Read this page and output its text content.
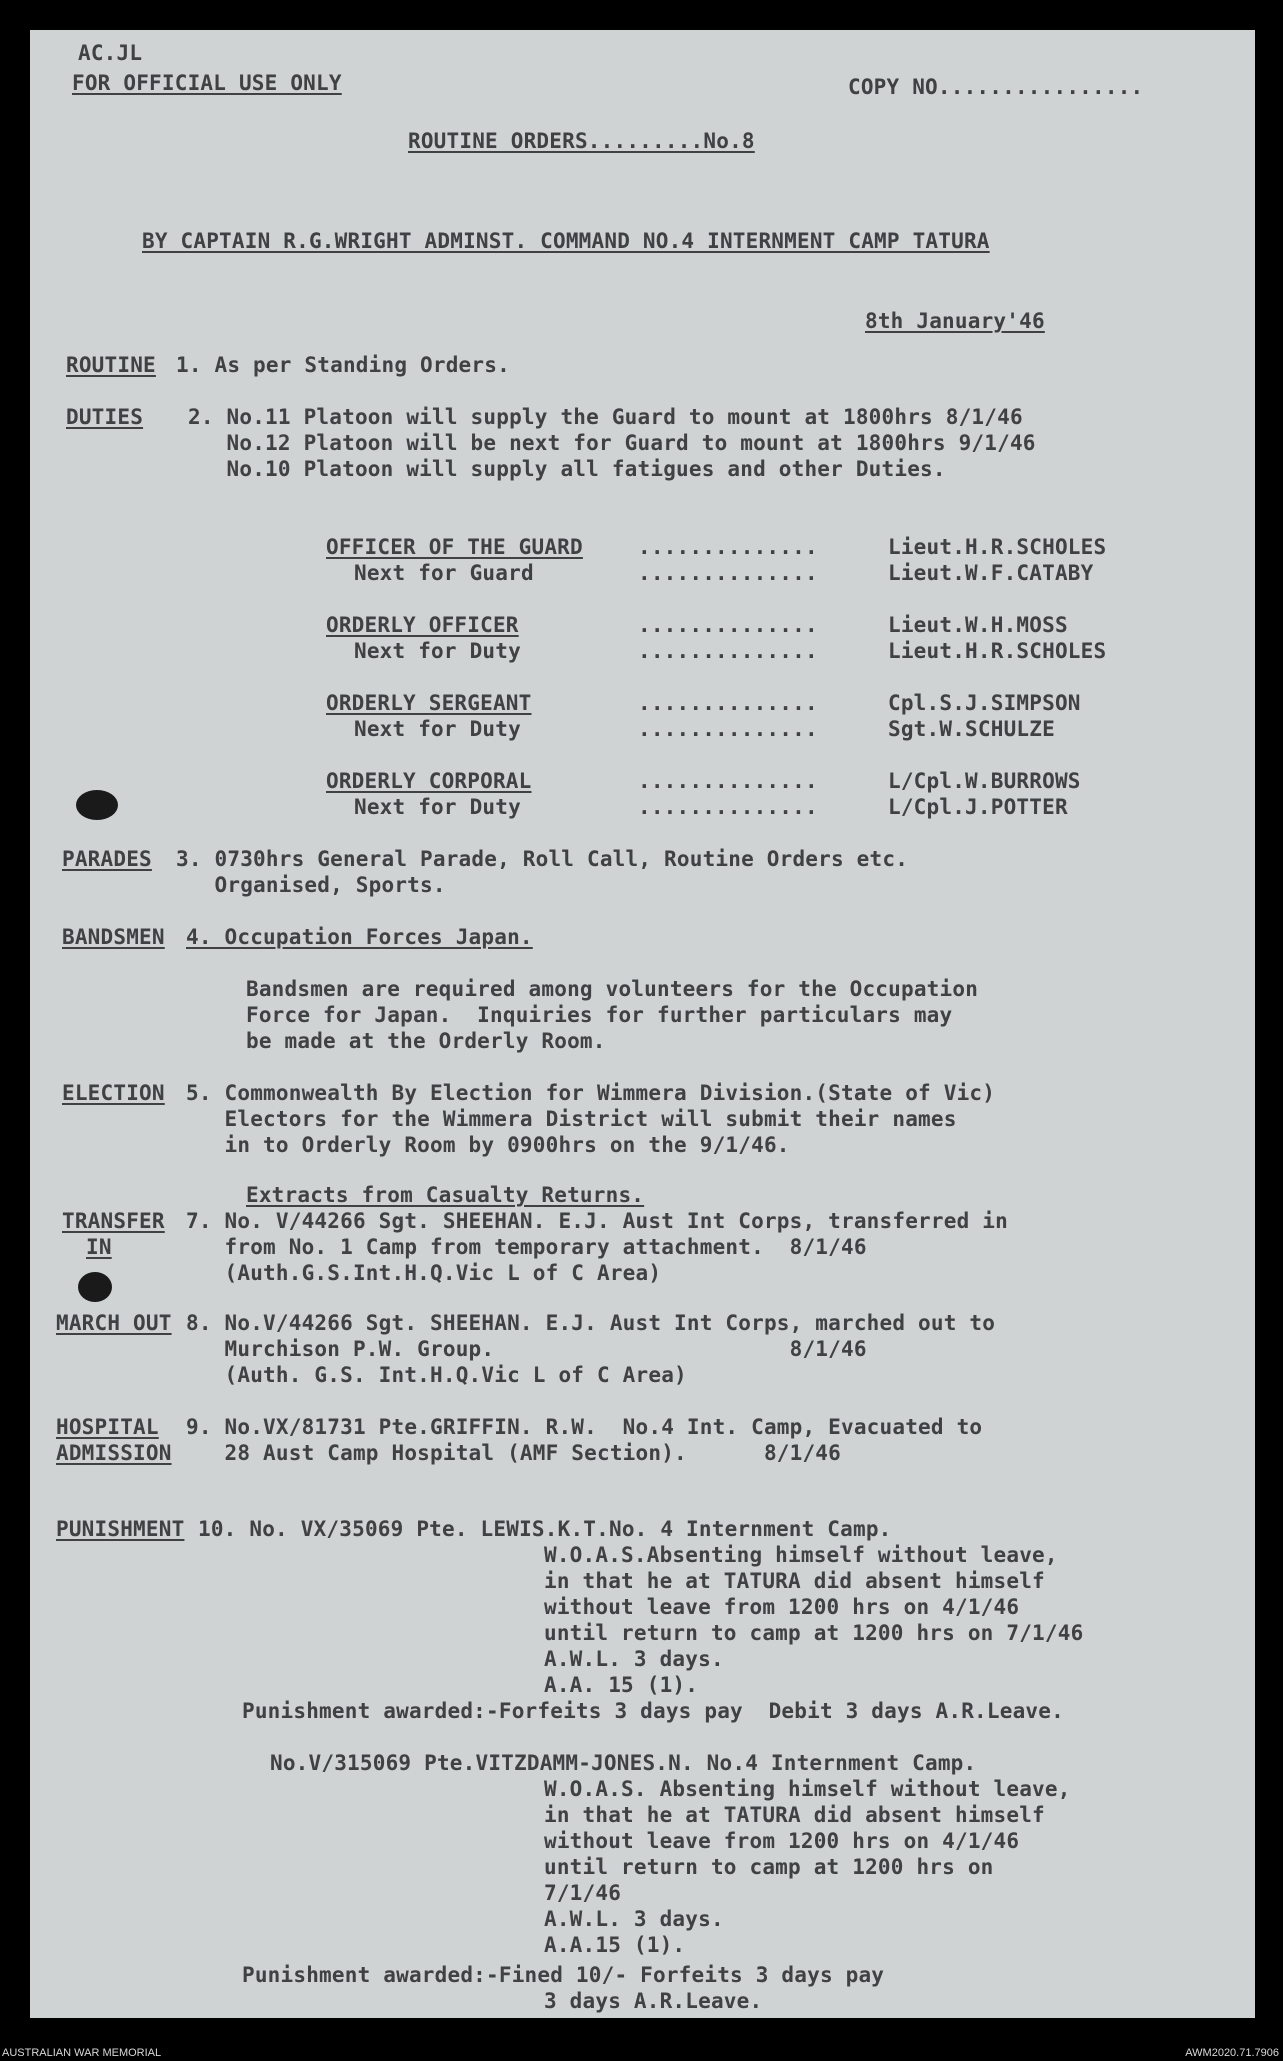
AC.JL
FOR OFFICIAL USE ONLY	COPY NO................
ROUTINE ORDERS.........No.8
BY CAPTAIN R.G.WRIGHT ADMINST. COMMAND NO.4 INTERNMENT CAMP TATURA
8th January'46
ROUTINE 1. As per Standing Orders.
DUTIES 2. No.11 Platoon will supply the Guard to mount at 1800hrs 8/1/46
No.12 Platoon will be next for Guard to mount at 1800hrs 9/1/46
No.10 Platoon will supply all fatigues and other Duties.
OFFICER OF THE GUARD	..............	Lieut.H.R.SCHOLES
Next for Guard	..............	Lieut.W.F.CATABY
ORDERLY OFFICER	..............	Lieut.W.H.MOSS
Next for Duty	..............	Lieut.H.R.SCHOLES
ORDERLY SERGEANT	..............	Cpl.S.J.SIMPSON
Next for Duty	..............	Sgt.W.SCHULZE
ORDERLY CORPORAL	..............	L/Cpl.W.BURROWS
Next for Duty	..............	L/Cpl.J.POTTER
PARADES 3. 0730hrs General Parade, Roll Call, Routine Orders etc.
Organised, Sports.
BANDSMEN 4. Occupation Forces Japan.
Bandsmen are required among volunteers for the Occupation
Force for Japan.  Inquiries for further particulars may
be made at the Orderly Room.
ELECTION 5. Commonwealth By Election for Wimmera Division.(State of Vic)
Electors for the Wimmera District will submit their names
in to Orderly Room by 0900hrs on the 9/1/46.
Extracts from Casualty Returns.
TRANSFER
IN
7. No. V/44266 Sgt. SHEEHAN. E.J. Aust Int Corps, transferred in
from No. 1 Camp from temporary attachment.  8/1/46
(Auth.G.S.Int.H.Q.Vic L of C Area)
MARCH OUT 8. No.V/44266 Sgt. SHEEHAN. E.J. Aust Int Corps, marched out to
Murchison P.W. Group.                       8/1/46
(Auth. G.S. Int.H.Q.Vic L of C Area)
HOSPITAL
ADMISSION
9. No.VX/81731 Pte.GRIFFIN. R.W.  No.4 Int. Camp, Evacuated to
28 Aust Camp Hospital (AMF Section).      8/1/46
PUNISHMENT 10. No. VX/35069 Pte. LEWIS.K.T.No. 4 Internment Camp.
W.O.A.S.Absenting himself without leave,
in that he at TATURA did absent himself
without leave from 1200 hrs on 4/1/46
until return to camp at 1200 hrs on 7/1/46
A.W.L. 3 days.
A.A. 15 (1).
Punishment awarded:-Forfeits 3 days pay  Debit 3 days A.R.Leave.
No.V/315069 Pte.VITZDAMM-JONES.N. No.4 Internment Camp.
W.O.A.S. Absenting himself without leave,
in that he at TATURA did absent himself
without leave from 1200 hrs on 4/1/46
until return to camp at 1200 hrs on
7/1/46
A.W.L. 3 days.
A.A.15 (1).
Punishment awarded:-Fined 10/- Forfeits 3 days pay
3 days A.R.Leave.
AUSTRALIAN WAR MEMORIAL	AWM2020.71.7906
